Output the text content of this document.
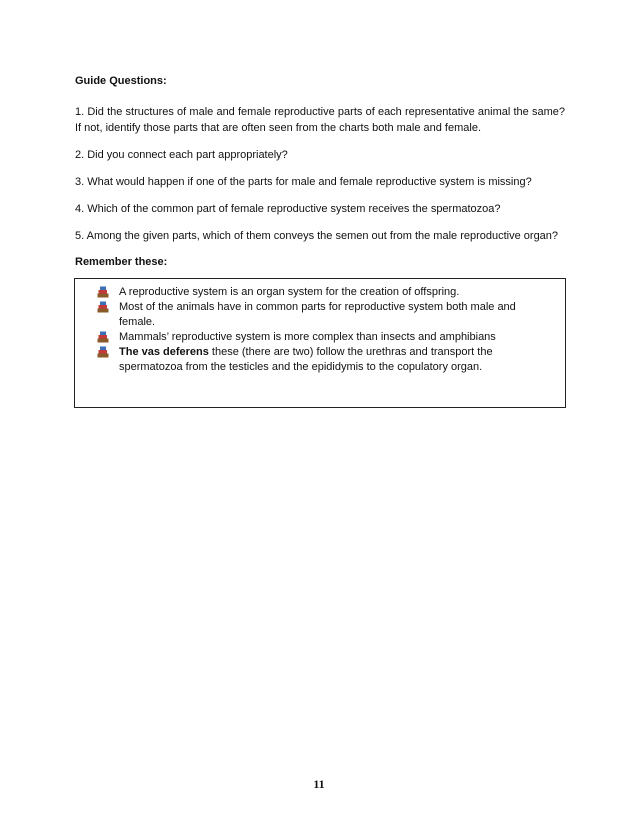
Guide Questions:

1. Did the structures of male and female reproductive parts of each representative animal the same? If not, identify those parts that are often seen from the charts both male and female.

2. Did you connect each part appropriately?

3. What would happen if one of the parts for male and female reproductive system is missing?

4. Which of the common part of female reproductive system receives the spermatozoa?

5. Among the given parts, which of them conveys the semen out from the male reproductive organ?

Remember these:
A reproductive system is an organ system for the creation of offspring.
Most of the animals have in common parts for reproductive system both male and female.
Mammals’ reproductive system is more complex than insects and amphibians
The vas deferens these (there are two) follow the urethras and transport the spermatozoa from the testicles and the epididymis to the copulatory organ.
11
